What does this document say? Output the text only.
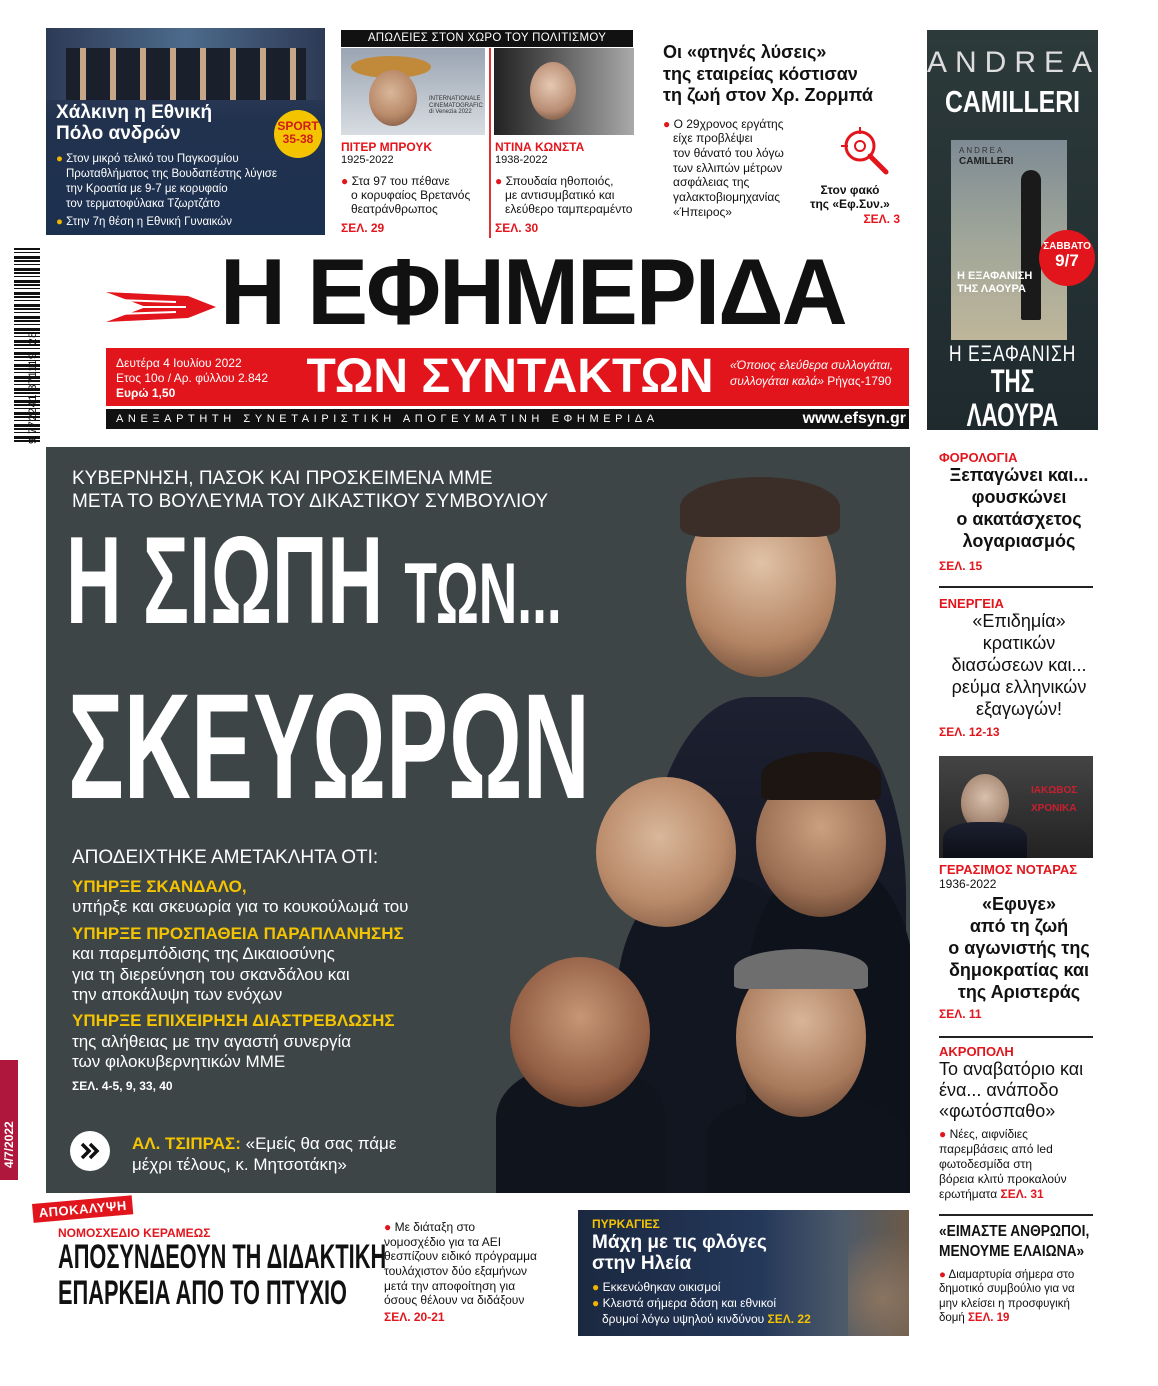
Χάλκινη η Εθνική
Πόλο ανδρών	SPORT
35-38
● Στον μικρό τελικό του Παγκοσμίου
Πρωταθλήματος της Βουδαπέστης λύγισε
την Κροατία με 9-7 με κορυφαίο
τον τερματοφύλακα Τζωρτζάτο
● Στην 7η θέση η Εθνική Γυναικών
ΑΠΩΛΕΙΕΣ ΣΤΟΝ ΧΩΡΟ ΤΟΥ ΠΟΛΙΤΙΣΜΟΥ
INTERNATIONALE
CINEMATOGRAFIC
di Venezia 2022
ΠΙΤΕΡ ΜΠΡΟΥΚ
1925-2022
● Στα 97 του πέθανε
ο κορυφαίος Βρετανός
θεατράνθρωπος
ΣΕΛ. 29
ΝΤΙΝΑ ΚΩΝΣΤΑ
1938-2022
● Σπουδαία ηθοποιός,
με αντισυμβατικό και
ελεύθερο ταμπεραμέντο
ΣΕΛ. 30
Οι «φτηνές λύσεις»
της εταιρείας κόστισαν
τη ζωή στον Χρ. Ζορμπά
● Ο 29χρονος εργάτης
είχε προβλέψει
τον θάνατό του λόγω
των ελλιπών μέτρων
ασφάλειας της
γαλακτοβιομηχανίας
«Ήπειρος»
Στον φακό
της «Εφ.Συν.»
ΣΕΛ. 3
9 772241 37111928
4/7/2022
Η ΕΦΗΜΕΡΙΔΑ
Δευτέρα 4 Ιουλίου 2022
Ετος 10ο / Αρ. φύλλου 2.842
Ευρώ 1,50	ΤΩΝ ΣΥΝΤΑΚΤΩΝ	«Όποιος ελεύθερα συλλογάται,
συλλογάται καλά» Ρήγας-1790
ΑΝΕΞΑΡΤΗΤΗ ΣΥΝΕΤΑΙΡΙΣΤΙΚΗ ΑΠΟΓΕΥΜΑΤΙΝΗ ΕΦΗΜΕΡΙΔΑ	www.efsyn.gr
ANDREA
CAMILLERI
ANDREA
CAMILLERI
Η ΕΞΑΦΑΝΙΣΗ
ΤΗΣ ΛΑΟΥΡΑ
ΣΑΒΒΑΤΟ
9/7
Η ΕΞΑΦΑΝΙΣΗ
ΤΗΣ ΛΑΟΥΡΑ
ΚΥΒΕΡΝΗΣΗ, ΠΑΣΟΚ ΚΑΙ ΠΡΟΣΚΕΙΜΕΝΑ ΜΜΕ
ΜΕΤΑ ΤΟ ΒΟΥΛΕΥΜΑ ΤΟΥ ΔΙΚΑΣΤΙΚΟΥ ΣΥΜΒΟΥΛΙΟΥ
Η ΣΙΩΠΗ ΤΩΝ...
ΣΚΕΥΩΡΩΝ
ΑΠΟΔΕΙΧΤΗΚΕ ΑΜΕΤΑΚΛΗΤΑ ΟΤΙ:
ΥΠΗΡΞΕ ΣΚΑΝΔΑΛΟ,
υπήρξε και σκευωρία για το κουκούλωμά του
ΥΠΗΡΞΕ ΠΡΟΣΠΑΘΕΙΑ ΠΑΡΑΠΛΑΝΗΣΗΣ
και παρεμπόδισης της Δικαιοσύνης
για τη διερεύνηση του σκανδάλου και
την αποκάλυψη των ενόχων
ΥΠΗΡΞΕ ΕΠΙΧΕΙΡΗΣΗ ΔΙΑΣΤΡΕΒΛΩΣΗΣ
της αλήθειας με την αγαστή συνεργία
των φιλοκυβερνητικών ΜΜΕ
ΣΕΛ. 4-5, 9, 33, 40
ΑΛ. ΤΣΙΠΡΑΣ: «Εμείς θα σας πάμε
μέχρι τέλους, κ. Μητσοτάκη»
ΦΟΡΟΛΟΓΙΑ
Ξεπαγώνει και...
φουσκώνει
ο ακατάσχετος
λογαριασμός
ΣΕΛ. 15
ΕΝΕΡΓΕΙΑ
«Επιδημία»
κρατικών
διασώσεων και...
ρεύμα ελληνικών
εξαγωγών!
ΣΕΛ. 12-13
ΙΑΚΩΒΟΣ
ΧΡΟΝΙΚΑ
ΓΕΡΑΣΙΜΟΣ ΝΟΤΑΡΑΣ
1936-2022
«Εφυγε»
από τη ζωή
ο αγωνιστής της
δημοκρατίας και
της Αριστεράς
ΣΕΛ. 11
ΑΚΡΟΠΟΛΗ
Το αναβατόριο και
ένα... ανάποδο
«φωτόσπαθο»
● Νέες, αιφνίδιες
παρεμβάσεις από led
φωτοδεσμίδα στη
βόρεια κλιτύ προκαλούν
ερωτήματα ΣΕΛ. 31
«ΕΙΜΑΣΤΕ ΑΝΘΡΩΠΟΙ,
ΜΕΝΟΥΜΕ ΕΛΑΙΩΝΑ»
● Διαμαρτυρία σήμερα στο
δημοτικό συμβούλιο για να
μην κλείσει η προσφυγική
δομή ΣΕΛ. 19
ΑΠΟΚΑΛΥΨΗ
ΝΟΜΟΣΧΕΔΙΟ ΚΕΡΑΜΕΩΣ
ΑΠΟΣΥΝΔΕΟΥΝ ΤΗ ΔΙΔΑΚΤΙΚΗ
ΕΠΑΡΚΕΙΑ ΑΠΟ ΤΟ ΠΤΥΧΙΟ
● Με διάταξη στο
νομοσχέδιο για τα ΑΕΙ
θεσπίζουν ειδικό πρόγραμμα
τουλάχιστον δύο εξαμήνων
μετά την αποφοίτηση για
όσους θέλουν να διδάξουν
ΣΕΛ. 20-21
ΠΥΡΚΑΓΙΕΣ
Μάχη με τις φλόγες
στην Ηλεία
● Εκκενώθηκαν οικισμοί
● Κλειστά σήμερα δάση και εθνικοί
δρυμοί λόγω υψηλού κινδύνου ΣΕΛ. 22
